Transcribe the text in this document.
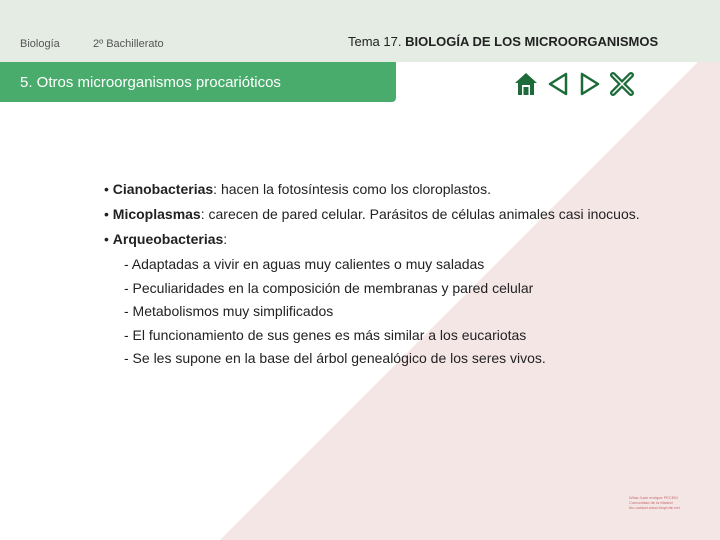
Biología	2º Bachillerato	Tema 17. BIOLOGÍA DE LOS MICROORGANISMOS
5. Otros microorganismos procarióticos

• Cianobacterias: hacen la fotosíntesis como los cloroplastos.

• Micoplasmas: carecen de pared celular. Parásitos de células animales casi inocuos.

• Arqueobacterias:

- Adaptadas a vivir en aguas muy calientes o muy saladas
- Peculiaridades en la composición de membranas y pared celular
- Metabolismos muy simplificados
- El funcionamiento de sus genes es más similar a los eucariotas
- Se les supone en la base del árbol genealógico de los seres vivos.
Whar.Juan enrique FECEM
Comunidad de la Madrid
bio-unidad-www.bioprofe.net
